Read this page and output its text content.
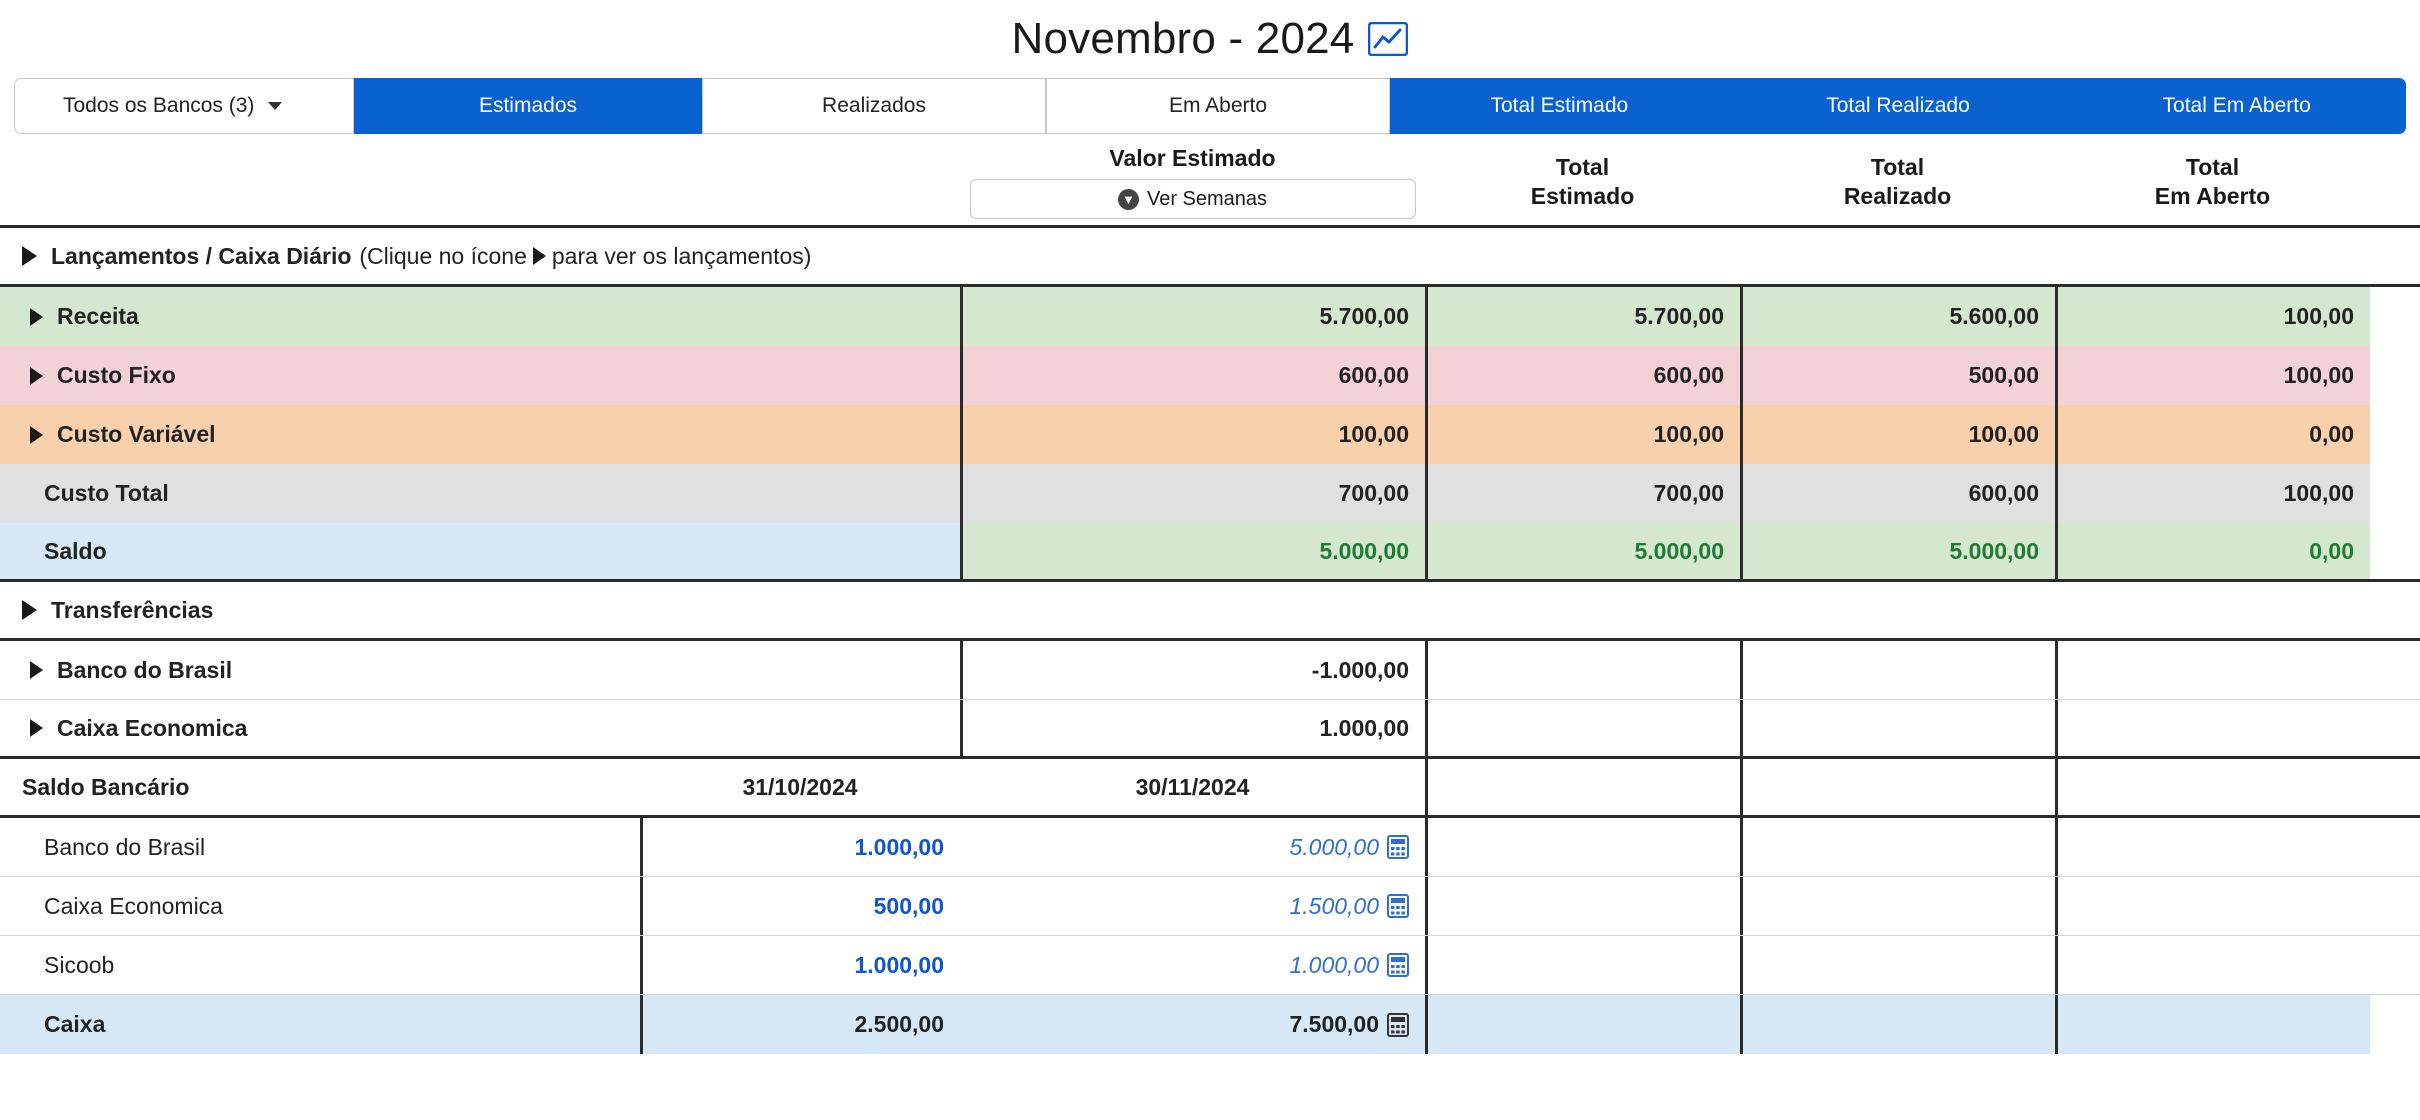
Novembro - 2024
Todos os Bancos (3)	Estimados	Realizados	Em Aberto	Total Estimado	Total Realizado	Total Em Aberto
Valor Estimado
▼ Ver Semanas
Total
Estimado
Total
Realizado
Total
Em Aberto
Lançamentos / Caixa Diário (Clique no ícone para ver os lançamentos)
Receita	5.700,00	5.700,00	5.600,00	100,00
Custo Fixo	600,00	600,00	500,00	100,00
Custo Variável	100,00	100,00	100,00	0,00
Custo Total	700,00	700,00	600,00	100,00
Saldo	5.000,00	5.000,00	5.000,00	0,00
Transferências
Banco do Brasil	-1.000,00
Caixa Economica	1.000,00
Saldo Bancário	31/10/2024	30/11/2024
Banco do Brasil	1.000,00	5.000,00
Caixa Economica	500,00	1.500,00
Sicoob	1.000,00	1.000,00
Caixa	2.500,00	7.500,00
